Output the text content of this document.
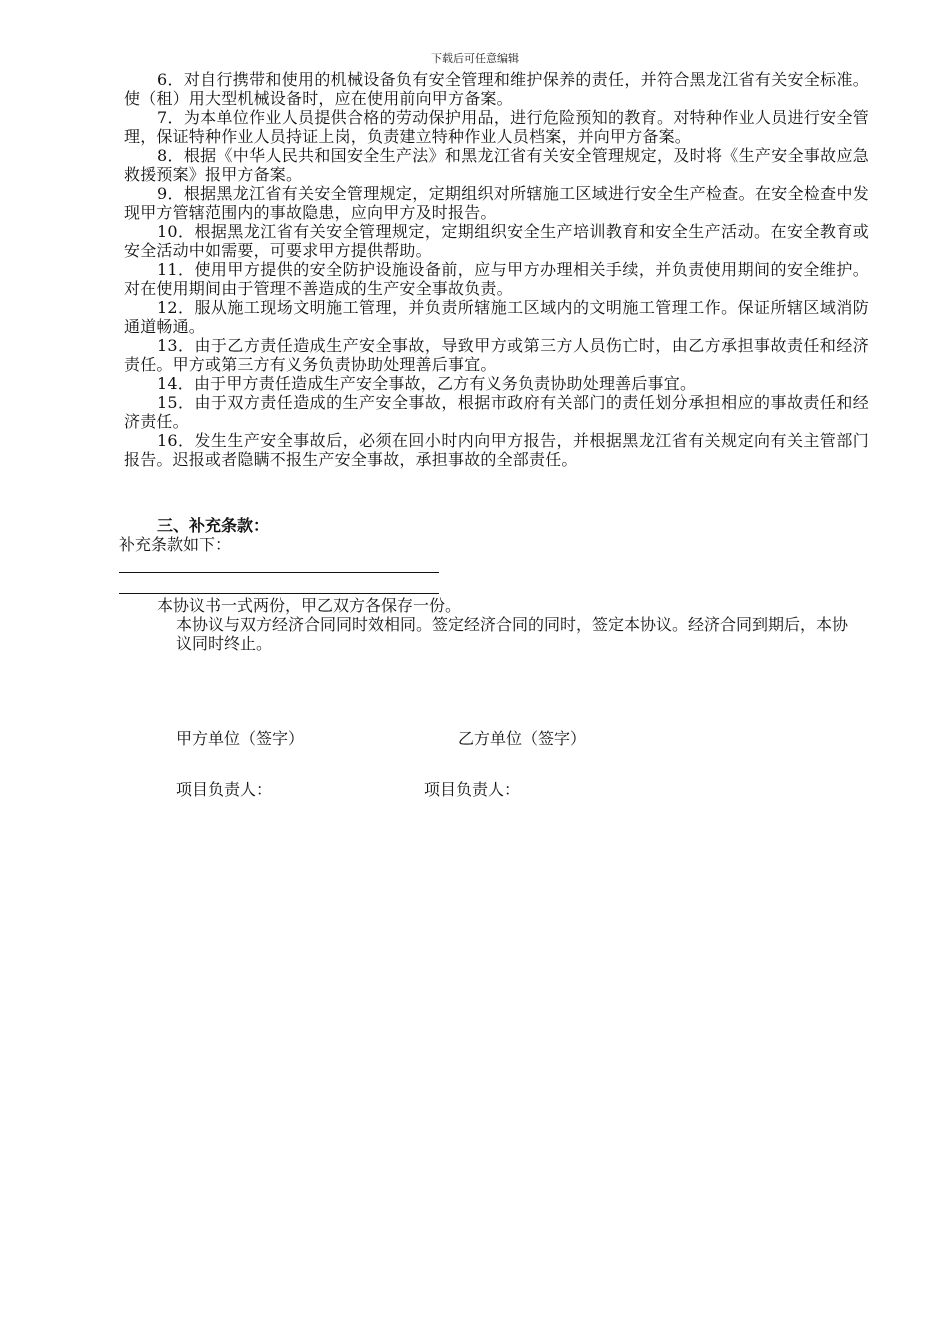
下载后可任意编辑

6．对自行携带和使用的机械设备负有安全管理和维护保养的责任，并符合黑龙江省有关安全标准。使（租）用大型机械设备时，应在使用前向甲方备案。

7．为本单位作业人员提供合格的劳动保护用品，进行危险预知的教育。对特种作业人员进行安全管理，保证特种作业人员持证上岗，负责建立特种作业人员档案，并向甲方备案。

8．根据《中华人民共和国安全生产法》和黑龙江省有关安全管理规定，及时将《生产安全事故应急救援预案》报甲方备案。

9．根据黑龙江省有关安全管理规定，定期组织对所辖施工区域进行安全生产检查。在安全检查中发现甲方管辖范围内的事故隐患，应向甲方及时报告。

10．根据黑龙江省有关安全管理规定，定期组织安全生产培训教育和安全生产活动。在安全教育或安全活动中如需要，可要求甲方提供帮助。

11．使用甲方提供的安全防护设施设备前，应与甲方办理相关手续，并负责使用期间的安全维护。对在使用期间由于管理不善造成的生产安全事故负责。

12．服从施工现场文明施工管理，并负责所辖施工区域内的文明施工管理工作。保证所辖区域消防通道畅通。

13．由于乙方责任造成生产安全事故，导致甲方或第三方人员伤亡时，由乙方承担事故责任和经济责任。甲方或第三方有义务负责协助处理善后事宜。

14．由于甲方责任造成生产安全事故，乙方有义务负责协助处理善后事宜。

15．由于双方责任造成的生产安全事故，根据市政府有关部门的责任划分承担相应的事故责任和经济责任。

16．发生生产安全事故后，必须在回小时内向甲方报告，并根据黑龙江省有关规定向有关主管部门报告。迟报或者隐瞒不报生产安全事故，承担事故的全部责任。

三、补充条款：
补充条款如下：
本协议书一式两份，甲乙双方各保存一份。
本协议与双方经济合同同时效相同。签定经济合同的同时，签定本协议。经济合同到期后，本协议同时终止。
甲方单位（签字）	乙方单位（签字）
项目负责人：	项目负责人：
